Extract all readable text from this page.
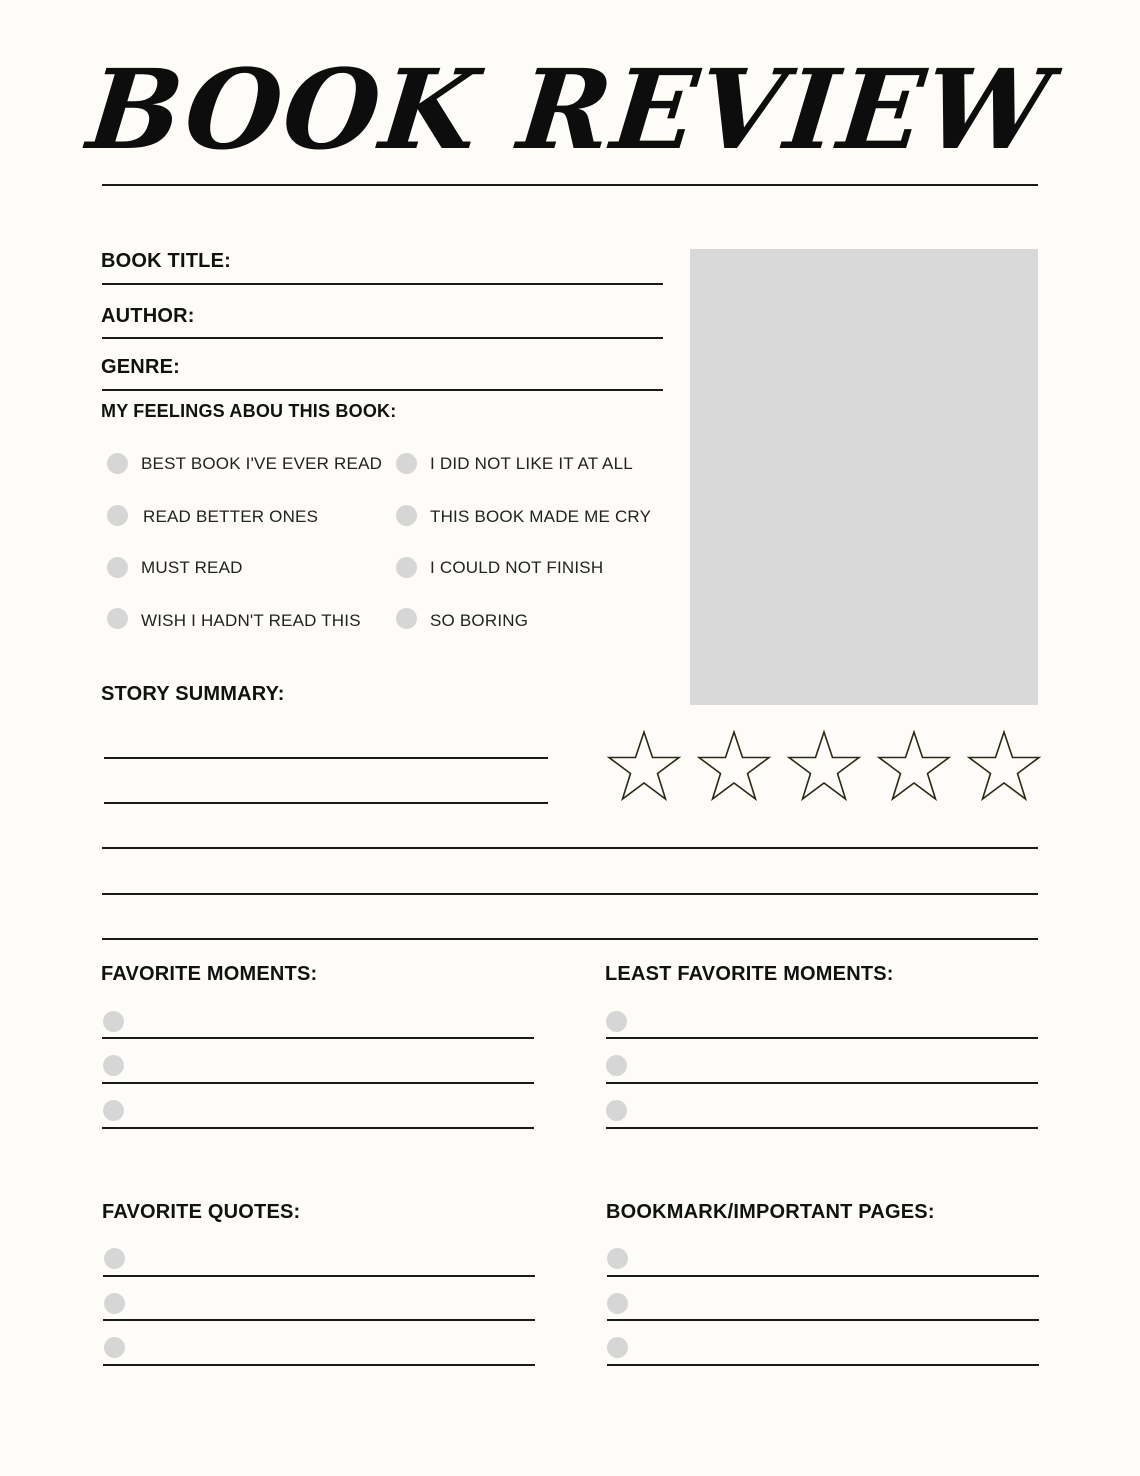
BOOK REVIEW
BOOK TITLE:
AUTHOR:
GENRE:
MY FEELINGS ABOU THIS BOOK:
BEST BOOK I'VE EVER READ
READ BETTER ONES
MUST READ
WISH I HADN'T READ THIS
I DID NOT LIKE IT AT ALL
THIS BOOK MADE ME CRY
I COULD NOT FINISH
SO BORING
STORY SUMMARY:
FAVORITE MOMENTS:	LEAST FAVORITE MOMENTS:
FAVORITE QUOTES:	BOOKMARK/IMPORTANT PAGES:
